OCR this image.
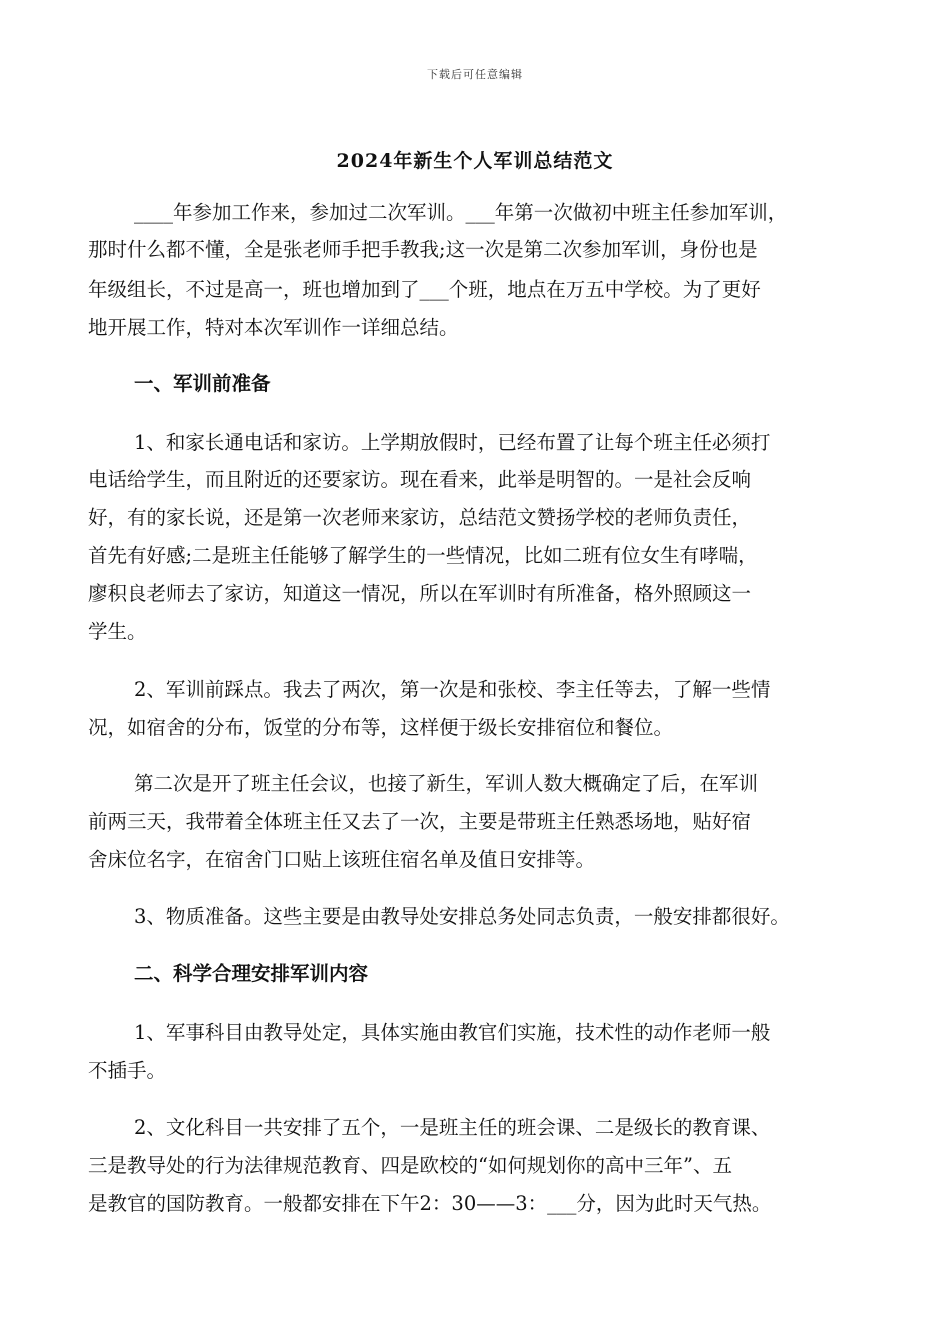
下载后可任意编辑
2024年新生个人军训总结范文
____年参加工作来，参加过二次军训。___年第一次做初中班主任参加军训，
那时什么都不懂，全是张老师手把手教我;这一次是第二次参加军训，身份也是
年级组长，不过是高一，班也增加到了___个班，地点在万五中学校。为了更好
地开展工作，特对本次军训作一详细总结。
一、军训前准备
1、和家长通电话和家访。上学期放假时，已经布置了让每个班主任必须打
电话给学生，而且附近的还要家访。现在看来，此举是明智的。一是社会反响
好，有的家长说，还是第一次老师来家访，总结范文赞扬学校的老师负责任，
首先有好感;二是班主任能够了解学生的一些情况，比如二班有位女生有哮喘，
廖积良老师去了家访，知道这一情况，所以在军训时有所准备，格外照顾这一
学生。
2、军训前踩点。我去了两次，第一次是和张校、李主任等去，了解一些情
况，如宿舍的分布，饭堂的分布等，这样便于级长安排宿位和餐位。
第二次是开了班主任会议，也接了新生，军训人数大概确定了后，在军训
前两三天，我带着全体班主任又去了一次，主要是带班主任熟悉场地，贴好宿
舍床位名字，在宿舍门口贴上该班住宿名单及值日安排等。
3、物质准备。这些主要是由教导处安排总务处同志负责，一般安排都很好。
二、科学合理安排军训内容
1、军事科目由教导处定，具体实施由教官们实施，技术性的动作老师一般
不插手。
2、文化科目一共安排了五个，一是班主任的班会课、二是级长的教育课、
三是教导处的行为法律规范教育、四是欧校的“如何规划你的高中三年”、五
是教官的国防教育。一般都安排在下午2：30——3：___分，因为此时天气热。
